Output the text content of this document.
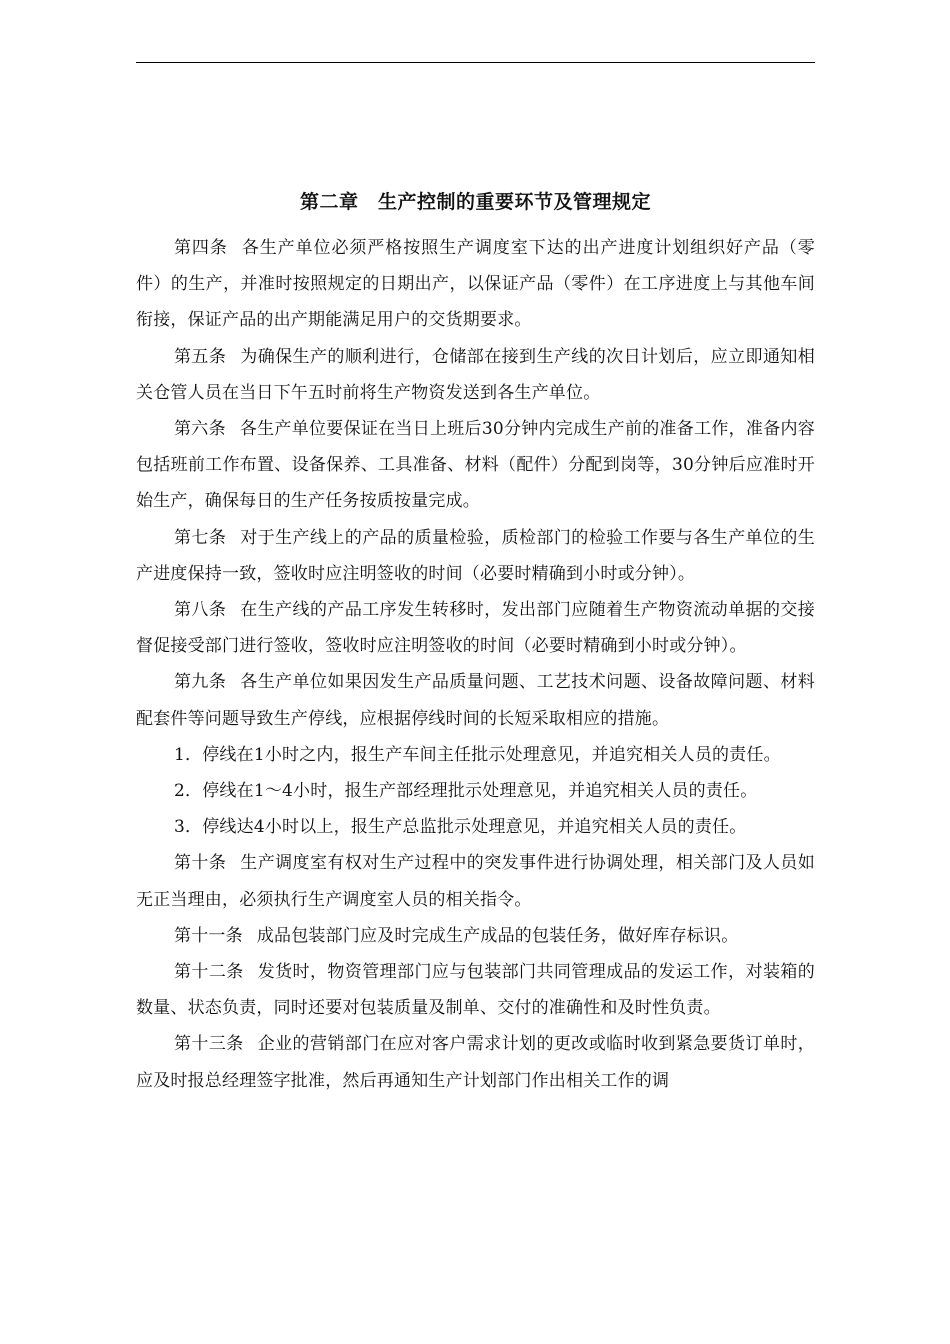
第二章　生产控制的重要环节及管理规定

第四条 各生产单位必须严格按照生产调度室下达的出产进度计划组织好产品（零件）的生产，并准时按照规定的日期出产，以保证产品（零件）在工序进度上与其他车间衔接，保证产品的出产期能满足用户的交货期要求。

第五条 为确保生产的顺利进行，仓储部在接到生产线的次日计划后，应立即通知相关仓管人员在当日下午五时前将生产物资发送到各生产单位。

第六条 各生产单位要保证在当日上班后30分钟内完成生产前的准备工作，准备内容包括班前工作布置、设备保养、工具准备、材料（配件）分配到岗等，30分钟后应准时开始生产，确保每日的生产任务按质按量完成。

第七条 对于生产线上的产品的质量检验，质检部门的检验工作要与各生产单位的生产进度保持一致，签收时应注明签收的时间（必要时精确到小时或分钟）。

第八条 在生产线的产品工序发生转移时，发出部门应随着生产物资流动单据的交接督促接受部门进行签收，签收时应注明签收的时间（必要时精确到小时或分钟）。

第九条 各生产单位如果因发生产品质量问题、工艺技术问题、设备故障问题、材料配套件等问题导致生产停线，应根据停线时间的长短采取相应的措施。

1．停线在1小时之内，报生产车间主任批示处理意见，并追究相关人员的责任。

2．停线在1～4小时，报生产部经理批示处理意见，并追究相关人员的责任。

3．停线达4小时以上，报生产总监批示处理意见，并追究相关人员的责任。

第十条 生产调度室有权对生产过程中的突发事件进行协调处理，相关部门及人员如无正当理由，必须执行生产调度室人员的相关指令。

第十一条 成品包装部门应及时完成生产成品的包装任务，做好库存标识。

第十二条 发货时，物资管理部门应与包装部门共同管理成品的发运工作，对装箱的数量、状态负责，同时还要对包装质量及制单、交付的准确性和及时性负责。

第十三条 企业的营销部门在应对客户需求计划的更改或临时收到紧急要货订单时，应及时报总经理签字批准，然后再通知生产计划部门作出相关工作的调
